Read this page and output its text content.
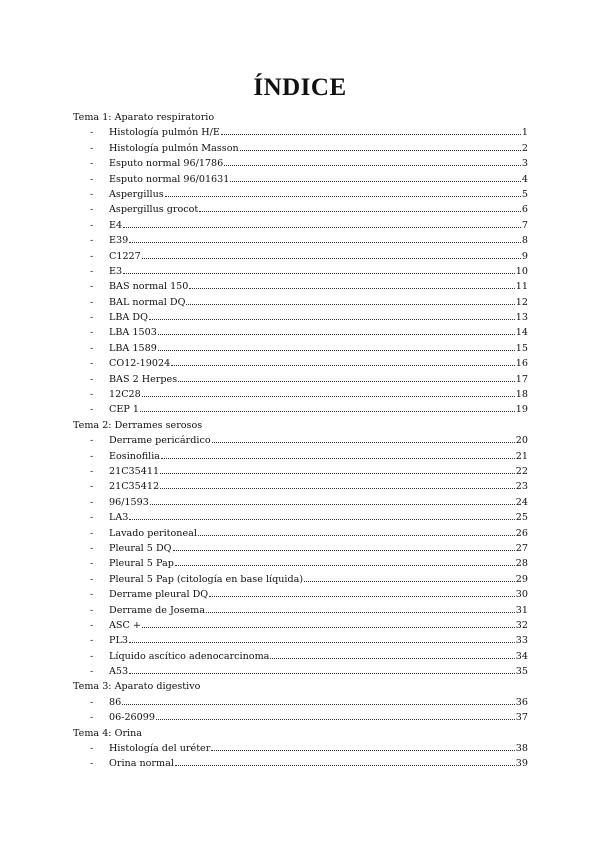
ÍNDICE
Tema 1: Aparato respiratorio
-	Histología pulmón H/E	1
-	Histología pulmón Masson	2
-	Esputo normal 96/1786	3
-	Esputo normal 96/01631	4
-	Aspergillus	5
-	Aspergillus grocot	6
-	E4	7
-	E39	8
-	C1227	9
-	E3	10
-	BAS normal 150	11
-	BAL normal DQ	12
-	LBA DQ	13
-	LBA 1503	14
-	LBA 1589	15
-	CO12-19024	16
-	BAS 2 Herpes	17
-	12C28	18
-	CEP 1	19
Tema 2: Derrames serosos
-	Derrame pericárdico	20
-	Eosinofilia	21
-	21C35411	22
-	21C35412	23
-	96/1593	24
-	LA3	25
-	Lavado peritoneal	26
-	Pleural 5 DQ	27
-	Pleural 5 Pap	28
-	Pleural 5 Pap (citología en base líquida)	29
-	Derrame pleural DQ	30
-	Derrame de Josema	31
-	ASC +	32
-	PL3	33
-	Líquido ascítico adenocarcinoma	34
-	A53	35
Tema 3: Aparato digestivo
-	86	36
-	06-26099	37
Tema 4: Orina
-	Histología del uréter	38
-	Orina normal	39
